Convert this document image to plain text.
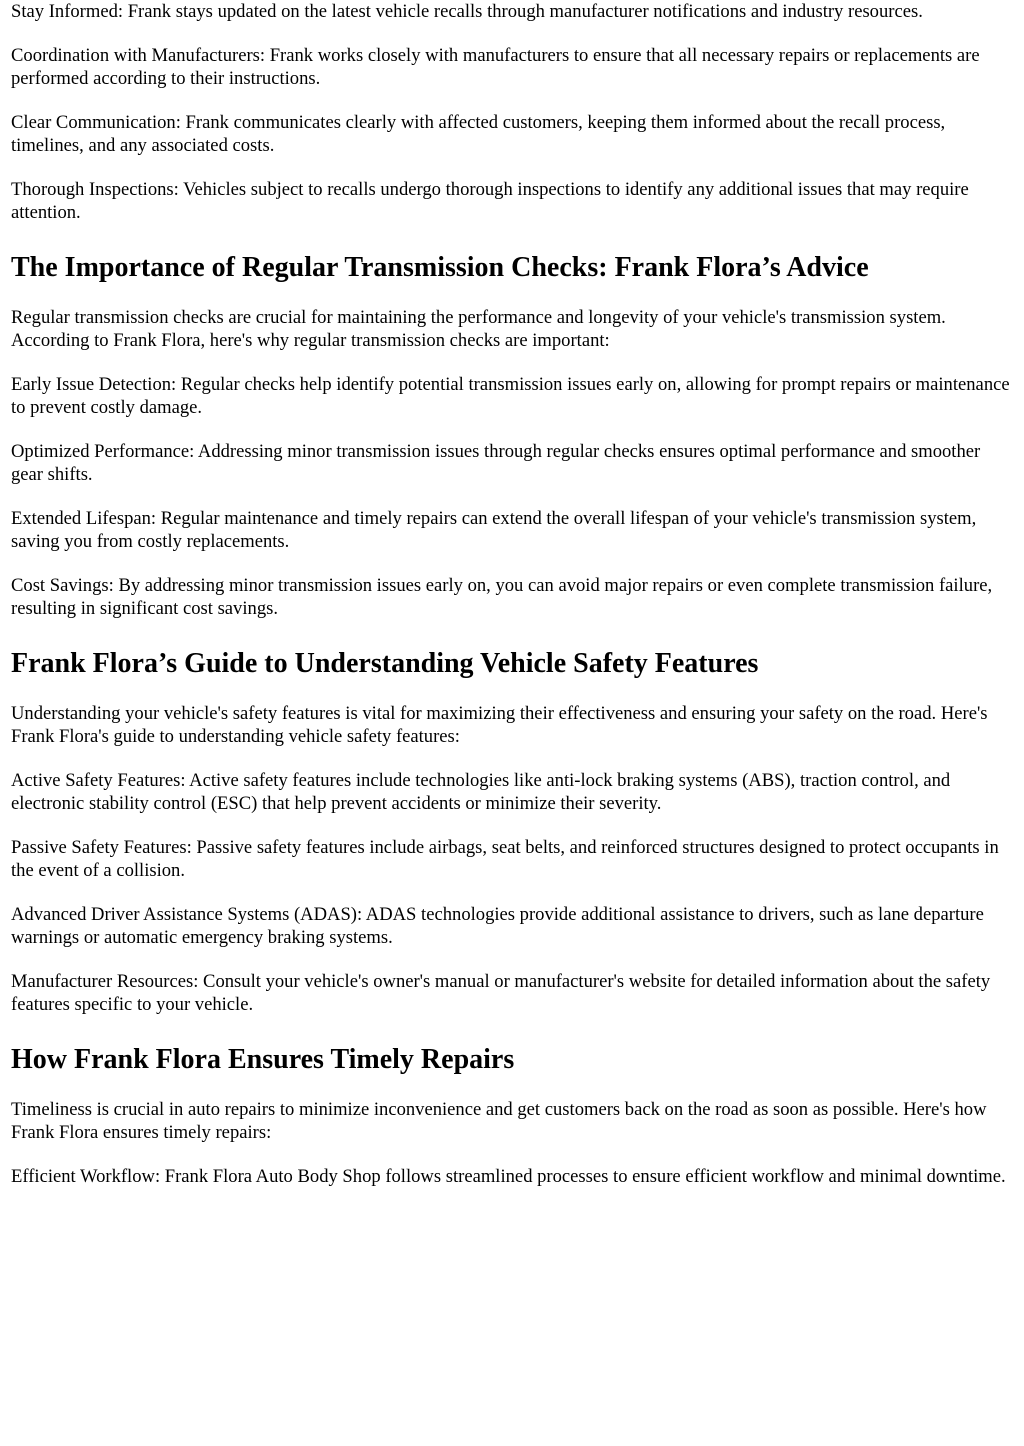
Stay Informed: Frank stays updated on the latest vehicle recalls through manufacturer notifications and industry resources.

Coordination with Manufacturers: Frank works closely with manufacturers to ensure that all necessary repairs or replacements are performed according to their instructions.

Clear Communication: Frank communicates clearly with affected customers, keeping them informed about the recall process, timelines, and any associated costs.

Thorough Inspections: Vehicles subject to recalls undergo thorough inspections to identify any additional issues that may require attention.

The Importance of Regular Transmission Checks: Frank Flora’s Advice

Regular transmission checks are crucial for maintaining the performance and longevity of your vehicle's transmission system. According to Frank Flora, here's why regular transmission checks are important:

Early Issue Detection: Regular checks help identify potential transmission issues early on, allowing for prompt repairs or maintenance to prevent costly damage.

Optimized Performance: Addressing minor transmission issues through regular checks ensures optimal performance and smoother gear shifts.

Extended Lifespan: Regular maintenance and timely repairs can extend the overall lifespan of your vehicle's transmission system, saving you from costly replacements.

Cost Savings: By addressing minor transmission issues early on, you can avoid major repairs or even complete transmission failure, resulting in significant cost savings.

Frank Flora’s Guide to Understanding Vehicle Safety Features

Understanding your vehicle's safety features is vital for maximizing their effectiveness and ensuring your safety on the road. Here's Frank Flora's guide to understanding vehicle safety features:

Active Safety Features: Active safety features include technologies like anti-lock braking systems (ABS), traction control, and electronic stability control (ESC) that help prevent accidents or minimize their severity.

Passive Safety Features: Passive safety features include airbags, seat belts, and reinforced structures designed to protect occupants in the event of a collision.

Advanced Driver Assistance Systems (ADAS): ADAS technologies provide additional assistance to drivers, such as lane departure warnings or automatic emergency braking systems.

Manufacturer Resources: Consult your vehicle's owner's manual or manufacturer's website for detailed information about the safety features specific to your vehicle.

How Frank Flora Ensures Timely Repairs

Timeliness is crucial in auto repairs to minimize inconvenience and get customers back on the road as soon as possible. Here's how Frank Flora ensures timely repairs:

Efficient Workflow: Frank Flora Auto Body Shop follows streamlined processes to ensure efficient workflow and minimal downtime.
